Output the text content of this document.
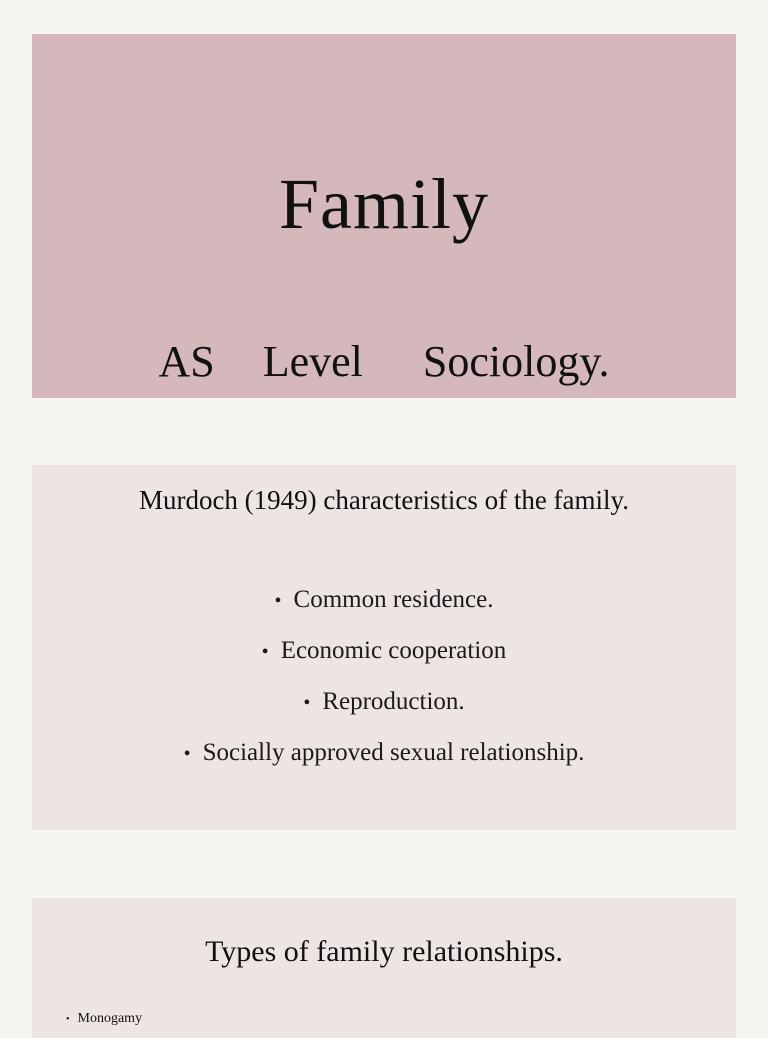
Family
AS Level Sociology.
Murdoch (1949) characteristics of the family.
• Common residence.
• Economic cooperation
• Reproduction.
• Socially approved sexual relationship.
Types of family relationships.
• Monogamy
